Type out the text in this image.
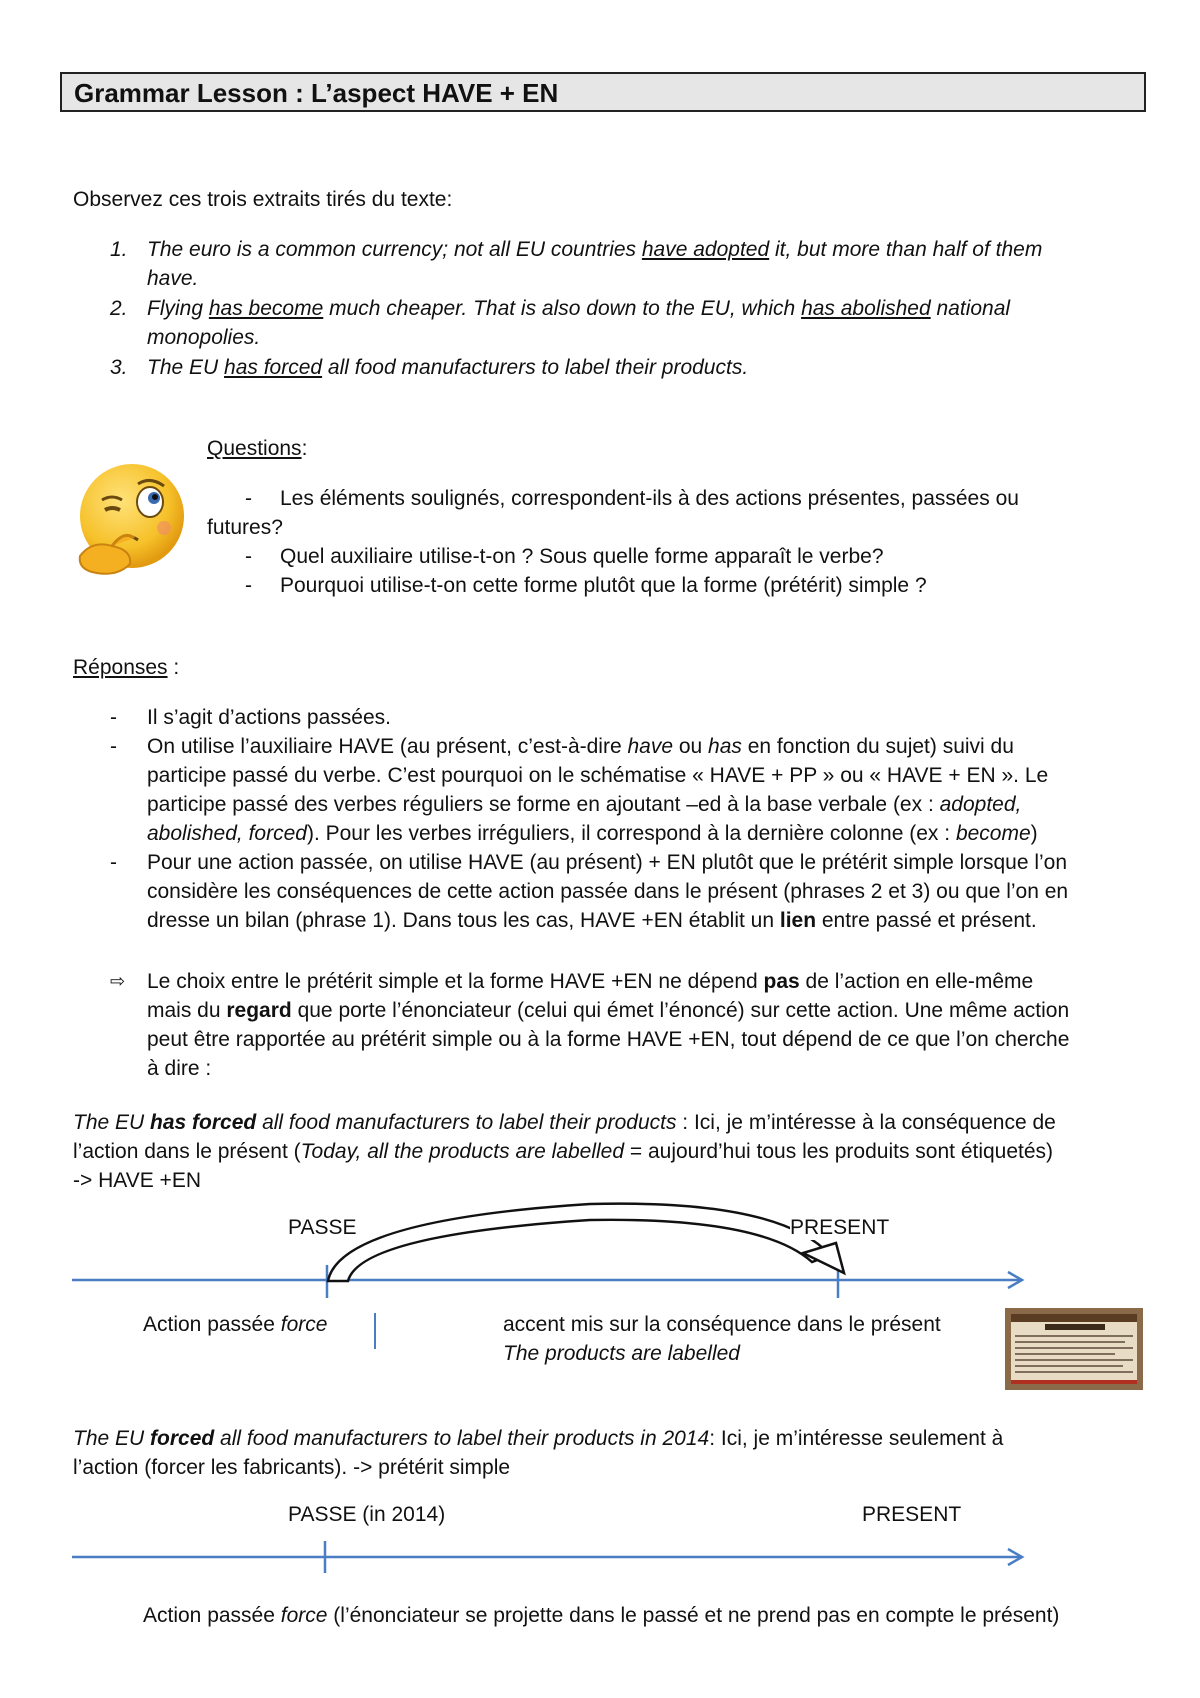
Grammar Lesson : L’aspect HAVE + EN
Observez ces trois extraits tirés du texte:
1. The euro is a common currency; not all EU countries have adopted it, but more than half of them
have.
2. Flying has become much cheaper. That is also down to the EU, which has abolished national
monopolies.
3. The EU has forced all food manufacturers to label their products.
Questions:
- Les éléments soulignés, correspondent-ils à des actions présentes, passées ou
futures?
- Quel auxiliaire utilise-t-on ? Sous quelle forme apparaît le verbe?
- Pourquoi utilise-t-on cette forme plutôt que la forme (prétérit) simple ?
Réponses :
- Il s’agit d’actions passées.
- On utilise l’auxiliaire HAVE (au présent, c’est-à-dire have ou has en fonction du sujet) suivi du
participe passé du verbe. C’est pourquoi on le schématise « HAVE + PP » ou « HAVE + EN ». Le
participe passé des verbes réguliers se forme en ajoutant –ed à la base verbale (ex : adopted,
abolished, forced). Pour les verbes irréguliers, il correspond à la dernière colonne (ex : become)
- Pour une action passée, on utilise HAVE (au présent) + EN plutôt que le prétérit simple lorsque l’on
considère les conséquences de cette action passée dans le présent (phrases 2 et 3) ou que l’on en
dresse un bilan (phrase 1). Dans tous les cas, HAVE +EN établit un lien entre passé et présent.
⇨ Le choix entre le prétérit simple et la forme HAVE +EN ne dépend pas de l’action en elle-même
mais du regard que porte l’énonciateur (celui qui émet l’énoncé) sur cette action. Une même action
peut être rapportée au prétérit simple ou à la forme HAVE +EN, tout dépend de ce que l’on cherche
à dire :
The EU has forced all food manufacturers to label their products : Ici, je m’intéresse à la conséquence de
l’action dans le présent (Today, all the products are labelled = aujourd’hui tous les produits sont étiquetés)
-> HAVE +EN
PASSE	PRESENT
Action passée force	accent mis sur la conséquence dans le présent
The products are labelled
The EU forced all food manufacturers to label their products in 2014: Ici, je m’intéresse seulement à
l’action (forcer les fabricants). -> prétérit simple
PASSE (in 2014)	PRESENT
Action passée force (l’énonciateur se projette dans le passé et ne prend pas en compte le présent)
